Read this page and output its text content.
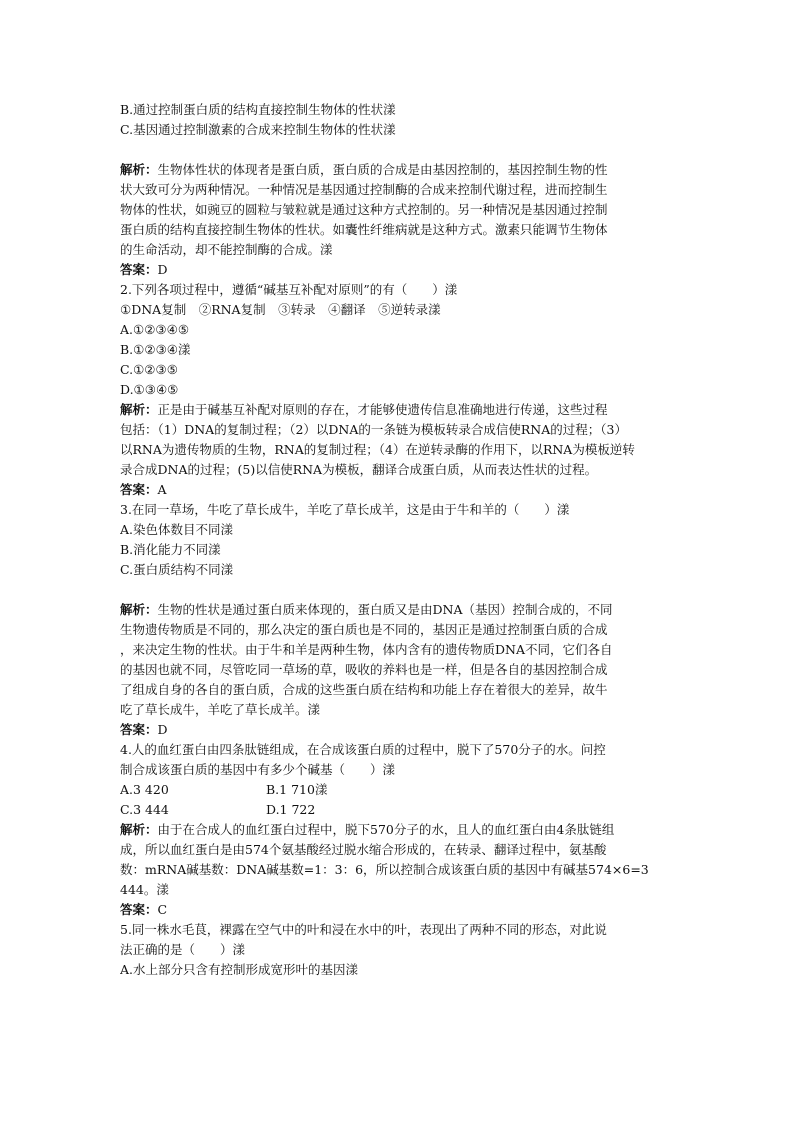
B.通过控制蛋白质的结构直接控制生物体的性状漾
C.基因通过控制激素的合成来控制生物体的性状漾
解析：生物体性状的体现者是蛋白质，蛋白质的合成是由基因控制的，基因控制生物的性
状大致可分为两种情况。一种情况是基因通过控制酶的合成来控制代谢过程，进而控制生
物体的性状，如豌豆的圆粒与皱粒就是通过这种方式控制的。另一种情况是基因通过控制
蛋白质的结构直接控制生物体的性状。如囊性纤维病就是这种方式。激素只能调节生物体
的生命活动，却不能控制酶的合成。漾
答案：D
2.下列各项过程中，遵循“碱基互补配对原则”的有（　　）漾
①DNA复制　②RNA复制　③转录　④翻译　⑤逆转录漾
A.①②③④⑤
B.①②③④漾
C.①②③⑤
D.①③④⑤
解析：正是由于碱基互补配对原则的存在，才能够使遗传信息准确地进行传递，这些过程
包括：（1）DNA的复制过程；（2）以DNA的一条链为模板转录合成信使RNA的过程；（3）
以RNA为遗传物质的生物，RNA的复制过程；（4）在逆转录酶的作用下，以RNA为模板逆转
录合成DNA的过程；(5)以信使RNA为模板，翻译合成蛋白质，从而表达性状的过程。
答案：A
3.在同一草场，牛吃了草长成牛，羊吃了草长成羊，这是由于牛和羊的（　　）漾
A.染色体数目不同漾
B.消化能力不同漾
C.蛋白质结构不同漾
解析：生物的性状是通过蛋白质来体现的，蛋白质又是由DNA（基因）控制合成的，不同
生物遗传物质是不同的，那么决定的蛋白质也是不同的，基因正是通过控制蛋白质的合成
，来决定生物的性状。由于牛和羊是两种生物，体内含有的遗传物质DNA不同，它们各自
的基因也就不同，尽管吃同一草场的草，吸收的养料也是一样，但是各自的基因控制合成
了组成自身的各自的蛋白质，合成的这些蛋白质在结构和功能上存在着很大的差异，故牛
吃了草长成牛，羊吃了草长成羊。漾
答案：D
4.人的血红蛋白由四条肽链组成，在合成该蛋白质的过程中，脱下了570分子的水。问控
制合成该蛋白质的基因中有多少个碱基（　　）漾
A.3 420	B.1 710漾
C.3 444	D.1 722
解析：由于在合成人的血红蛋白过程中，脱下570分子的水，且人的血红蛋白由4条肽链组
成，所以血红蛋白是由574个氨基酸经过脱水缩合形成的，在转录、翻译过程中，氨基酸
数：mRNA碱基数：DNA碱基数=1：3：6，所以控制合成该蛋白质的基因中有碱基574×6=3
444。漾
答案：C
5.同一株水毛茛，裸露在空气中的叶和浸在水中的叶，表现出了两种不同的形态，对此说
法正确的是（　　）漾
A.水上部分只含有控制形成宽形叶的基因漾
